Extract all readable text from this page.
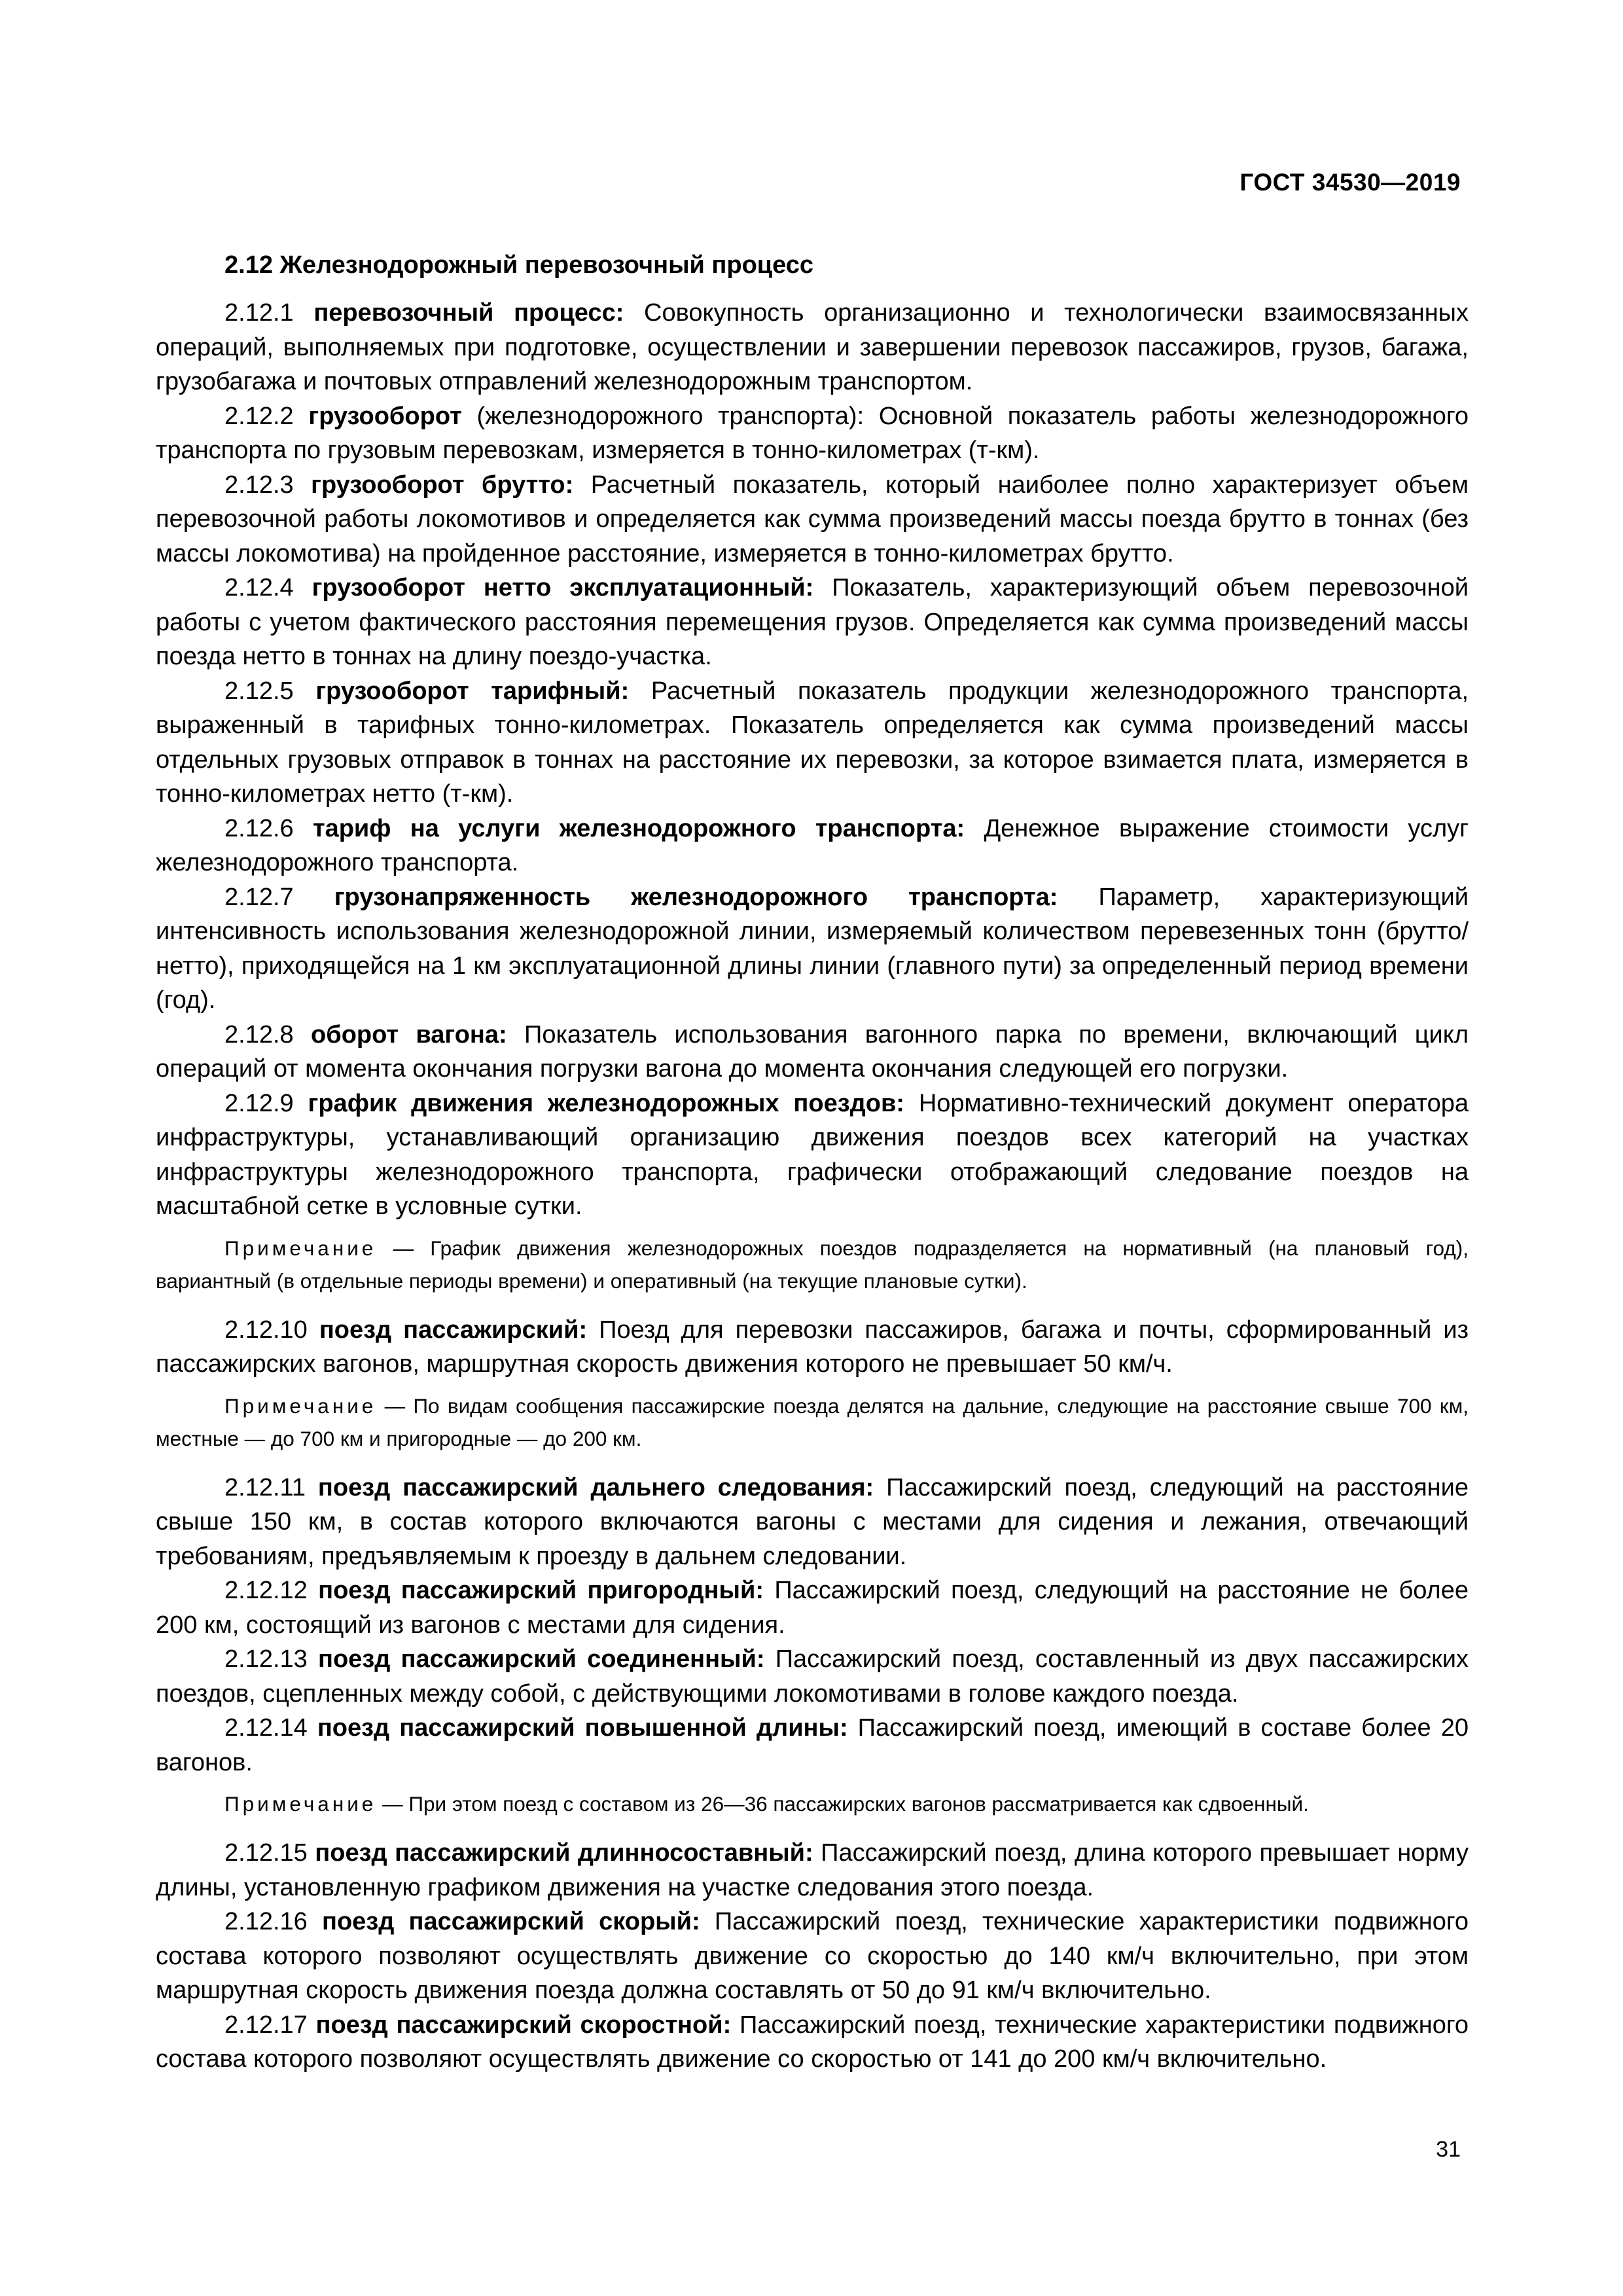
ГОСТ 34530—2019

2.12 Железнодорожный перевозочный процесс

2.12.1 перевозочный процесс: Совокупность организационно и технологически взаимосвязанных операций, выполняемых при подготовке, осуществлении и завершении перевозок пассажиров, грузов, багажа, грузобагажа и почтовых отправлений железнодорожным транспортом.

2.12.2 грузооборот (железнодорожного транспорта): Основной показатель работы железнодорожного транспорта по грузовым перевозкам, измеряется в тонно-километрах (т-км).

2.12.3 грузооборот брутто: Расчетный показатель, который наиболее полно характеризует объем перевозочной работы локомотивов и определяется как сумма произведений массы поезда брутто в тоннах (без массы локомотива) на пройденное расстояние, измеряется в тонно-километрах брутто.

2.12.4 грузооборот нетто эксплуатационный: Показатель, характеризующий объем перевозочной работы с учетом фактического расстояния перемещения грузов. Определяется как сумма произведений массы поезда нетто в тоннах на длину поездо-участка.

2.12.5 грузооборот тарифный: Расчетный показатель продукции железнодорожного транспорта, выраженный в тарифных тонно-километрах. Показатель определяется как сумма произведений массы отдельных грузовых отправок в тоннах на расстояние их перевозки, за которое взимается плата, измеряется в тонно-километрах нетто (т-км).

2.12.6 тариф на услуги железнодорожного транспорта: Денежное выражение стоимости услуг железнодорожного транспорта.

2.12.7 грузонапряженность железнодорожного транспорта: Параметр, характеризующий интенсивность использования железнодорожной линии, измеряемый количеством перевезенных тонн (брутто/нетто), приходящейся на 1 км эксплуатационной длины линии (главного пути) за определенный период времени (год).

2.12.8 оборот вагона: Показатель использования вагонного парка по времени, включающий цикл операций от момента окончания погрузки вагона до момента окончания следующей его погрузки.

2.12.9 график движения железнодорожных поездов: Нормативно-технический документ оператора инфраструктуры, устанавливающий организацию движения поездов всех категорий на участках инфраструктуры железнодорожного транспорта, графически отображающий следование поездов на масштабной сетке в условные сутки.

Примечание — График движения железнодорожных поездов подразделяется на нормативный (на плановый год), вариантный (в отдельные периоды времени) и оперативный (на текущие плановые сутки).

2.12.10 поезд пассажирский: Поезд для перевозки пассажиров, багажа и почты, сформированный из пассажирских вагонов, маршрутная скорость движения которого не превышает 50 км/ч.

Примечание — По видам сообщения пассажирские поезда делятся на дальние, следующие на расстояние свыше 700 км, местные — до 700 км и пригородные — до 200 км.

2.12.11 поезд пассажирский дальнего следования: Пассажирский поезд, следующий на расстояние свыше 150 км, в состав которого включаются вагоны с местами для сидения и лежания, отвечающий требованиям, предъявляемым к проезду в дальнем следовании.

2.12.12 поезд пассажирский пригородный: Пассажирский поезд, следующий на расстояние не более 200 км, состоящий из вагонов с местами для сидения.

2.12.13 поезд пассажирский соединенный: Пассажирский поезд, составленный из двух пассажирских поездов, сцепленных между собой, с действующими локомотивами в голове каждого поезда.

2.12.14 поезд пассажирский повышенной длины: Пассажирский поезд, имеющий в составе более 20 вагонов.

Примечание — При этом поезд с составом из 26—36 пассажирских вагонов рассматривается как сдвоенный.

2.12.15 поезд пассажирский длинносоставный: Пассажирский поезд, длина которого превышает норму длины, установленную графиком движения на участке следования этого поезда.

2.12.16 поезд пассажирский скорый: Пассажирский поезд, технические характеристики подвижного состава которого позволяют осуществлять движение со скоростью до 140 км/ч включительно, при этом маршрутная скорость движения поезда должна составлять от 50 до 91 км/ч включительно.

2.12.17 поезд пассажирский скоростной: Пассажирский поезд, технические характеристики подвижного состава которого позволяют осуществлять движение со скоростью от 141 до 200 км/ч включительно.

31
